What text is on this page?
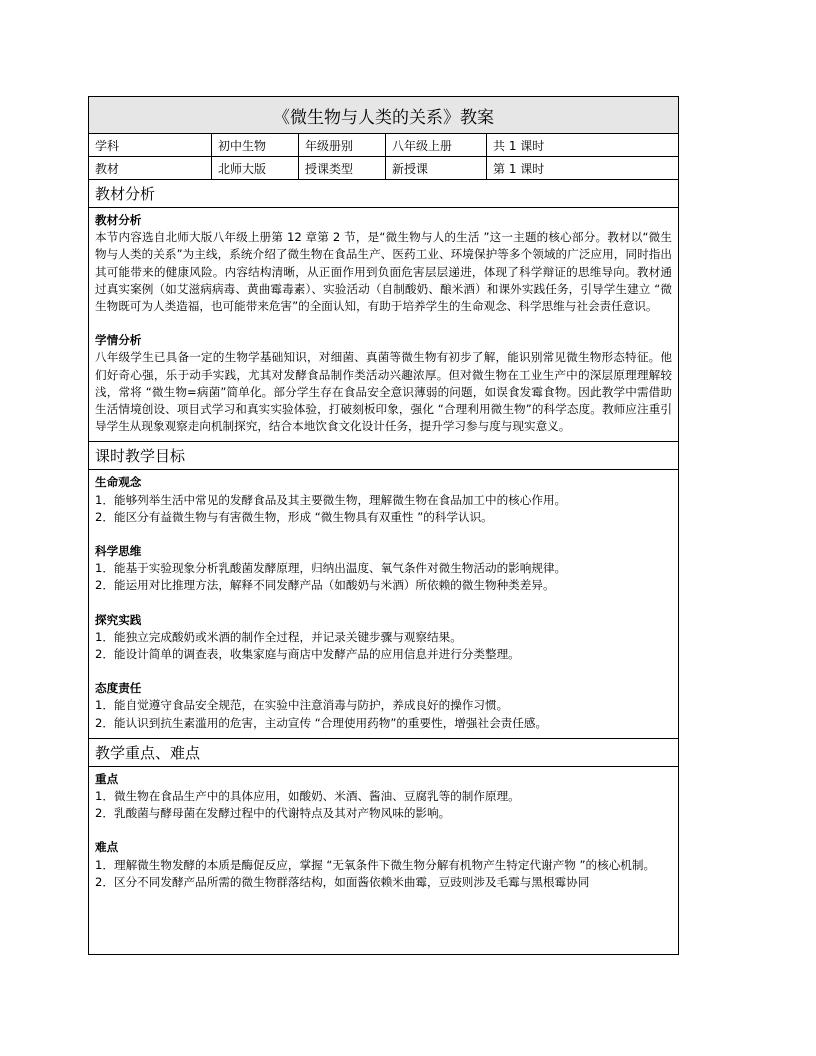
《微生物与人类的关系》教案
学科	初中生物	年级册别	八年级上册	共 1 课时
教材	北师大版	授课类型	新授课	第 1 课时
教材分析
教材分析

本节内容选自北师大版八年级上册第 12 章第 2 节，是“微生物与人的生活 ”这一主题的核心部分。教材以“微生物与人类的关系”为主线，系统介绍了微生物在食品生产、医药工业、环境保护等多个领域的广泛应用，同时指出其可能带来的健康风险。内容结构清晰，从正面作用到负面危害层层递进，体现了科学辩证的思维导向。教材通过真实案例（如艾滋病病毒、黄曲霉毒素）、实验活动（自制酸奶、酿米酒）和课外实践任务，引导学生建立 “微生物既可为人类造福，也可能带来危害”的全面认知，有助于培养学生的生命观念、科学思维与社会责任意识。

学情分析

八年级学生已具备一定的生物学基础知识，对细菌、真菌等微生物有初步了解，能识别常见微生物形态特征。他们好奇心强，乐于动手实践，尤其对发酵食品制作类活动兴趣浓厚。但对微生物在工业生产中的深层原理理解较浅，常将 “微生物=病菌”简单化。部分学生存在食品安全意识薄弱的问题，如误食发霉食物。因此教学中需借助生活情境创设、项目式学习和真实实验体验，打破刻板印象，强化 “合理利用微生物”的科学态度。教师应注重引导学生从现象观察走向机制探究，结合本地饮食文化设计任务，提升学习参与度与现实意义。

课时教学目标
生命观念

1．能够列举生活中常见的发酵食品及其主要微生物，理解微生物在食品加工中的核心作用。

2．能区分有益微生物与有害微生物，形成 “微生物具有双重性 ”的科学认识。

科学思维

1．能基于实验现象分析乳酸菌发酵原理，归纳出温度、氧气条件对微生物活动的影响规律。

2．能运用对比推理方法，解释不同发酵产品（如酸奶与米酒）所依赖的微生物种类差异。

探究实践

1．能独立完成酸奶或米酒的制作全过程，并记录关键步骤与观察结果。

2．能设计简单的调查表，收集家庭与商店中发酵产品的应用信息并进行分类整理。

态度责任

1．能自觉遵守食品安全规范，在实验中注意消毒与防护，养成良好的操作习惯。

2．能认识到抗生素滥用的危害，主动宣传 “合理使用药物”的重要性，增强社会责任感。

教学重点、难点
重点

1．微生物在食品生产中的具体应用，如酸奶、米酒、酱油、豆腐乳等的制作原理。

2．乳酸菌与酵母菌在发酵过程中的代谢特点及其对产物风味的影响。

难点

1．理解微生物发酵的本质是酶促反应，掌握 “无氧条件下微生物分解有机物产生特定代谢产物 ”的核心机制。

2．区分不同发酵产品所需的微生物群落结构，如面酱依赖米曲霉，豆豉则涉及毛霉与黑根霉协同
